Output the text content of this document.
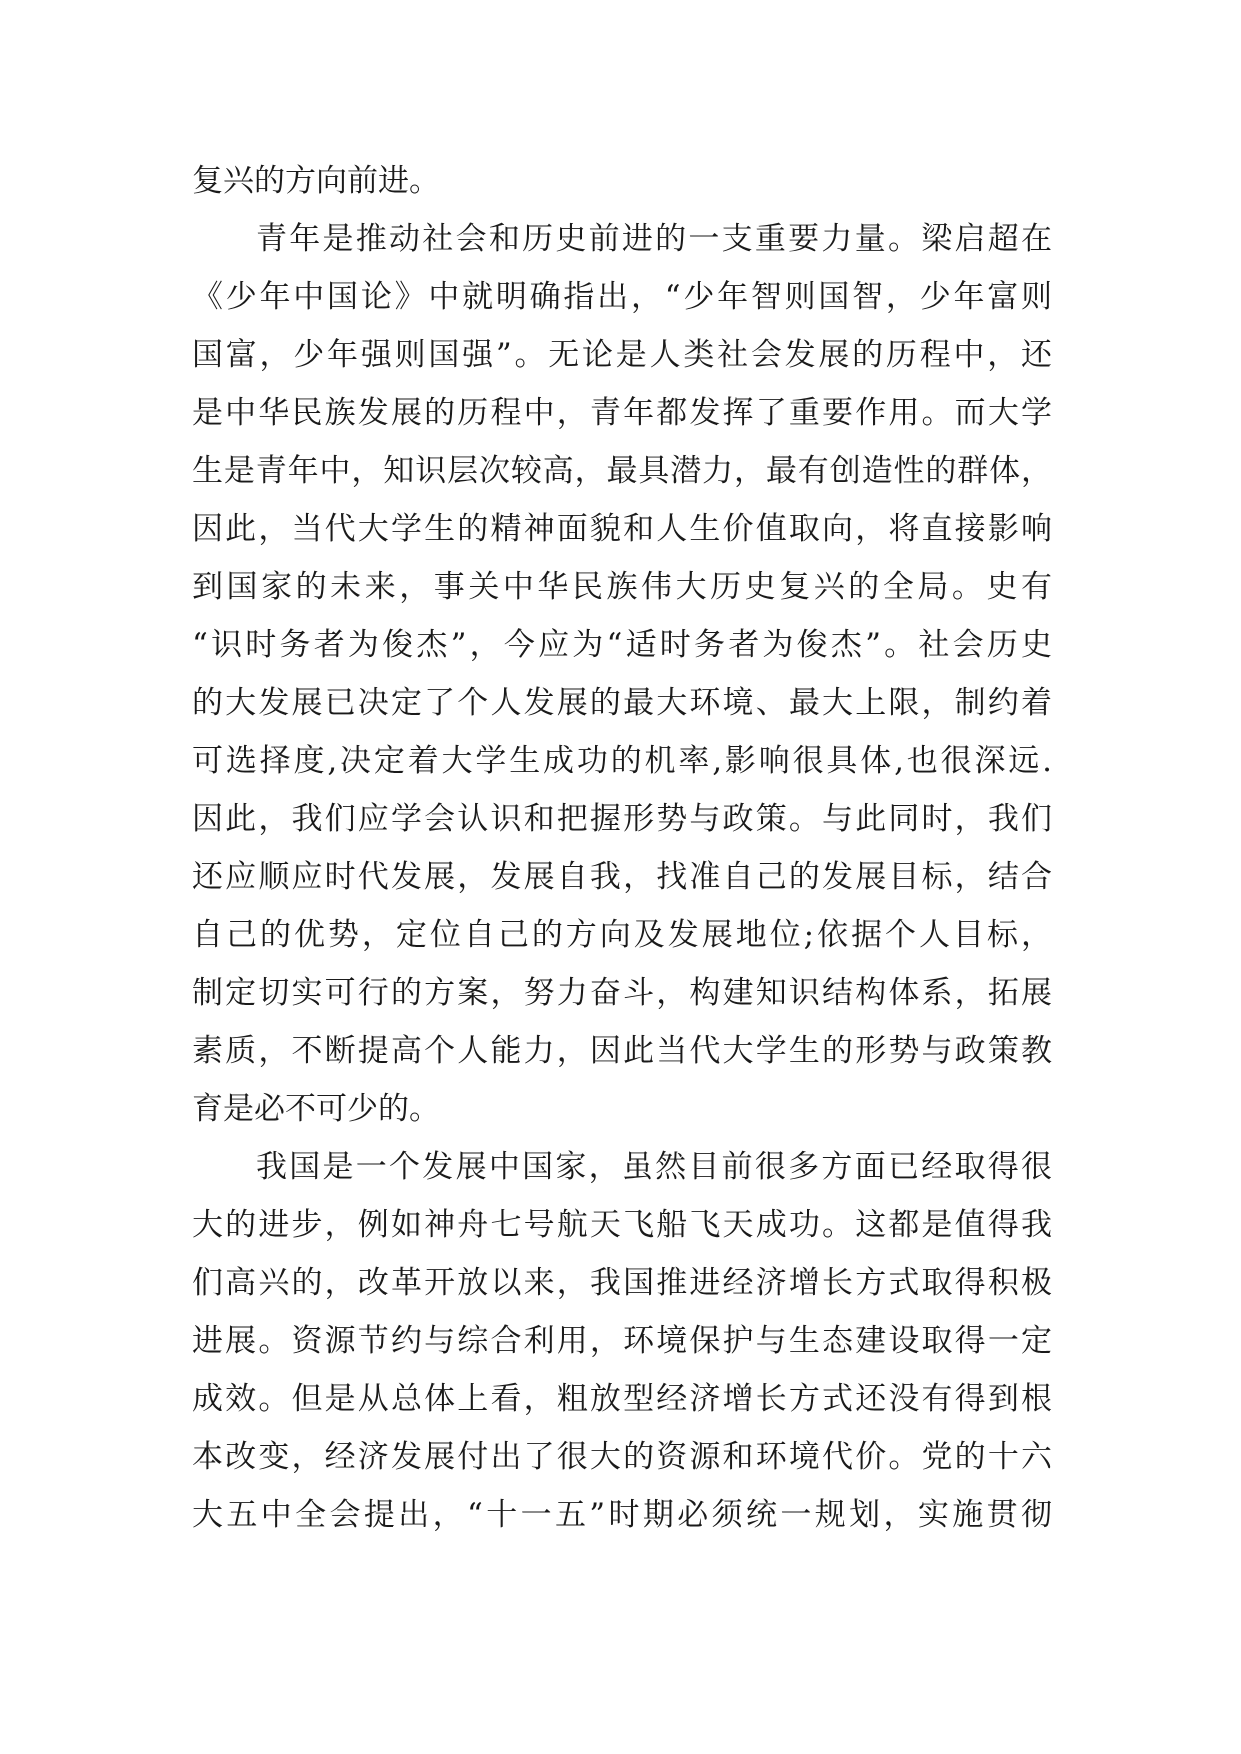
复兴的方向前进。
青年是推动社会和历史前进的一支重要力量。梁启超在
《少年中国论》中就明确指出，“少年智则国智，少年富则
国富，少年强则国强”。无论是人类社会发展的历程中，还
是中华民族发展的历程中，青年都发挥了重要作用。而大学
生是青年中，知识层次较高，最具潜力，最有创造性的群体，
因此，当代大学生的精神面貌和人生价值取向，将直接影响
到国家的未来，事关中华民族伟大历史复兴的全局。史有
“识时务者为俊杰”，今应为“适时务者为俊杰”。社会历史
的大发展已决定了个人发展的最大环境、最大上限，制约着
可选择度,决定着大学生成功的机率,影响很具体,也很深远.
因此，我们应学会认识和把握形势与政策。与此同时，我们
还应顺应时代发展，发展自我，找准自己的发展目标，结合
自己的优势，定位自己的方向及发展地位;依据个人目标，
制定切实可行的方案，努力奋斗，构建知识结构体系，拓展
素质，不断提高个人能力，因此当代大学生的形势与政策教
育是必不可少的。
我国是一个发展中国家，虽然目前很多方面已经取得很
大的进步，例如神舟七号航天飞船飞天成功。这都是值得我
们高兴的，改革开放以来，我国推进经济增长方式取得积极
进展。资源节约与综合利用，环境保护与生态建设取得一定
成效。但是从总体上看，粗放型经济增长方式还没有得到根
本改变，经济发展付出了很大的资源和环境代价。党的十六
大五中全会提出，“十一五”时期必须统一规划，实施贯彻
